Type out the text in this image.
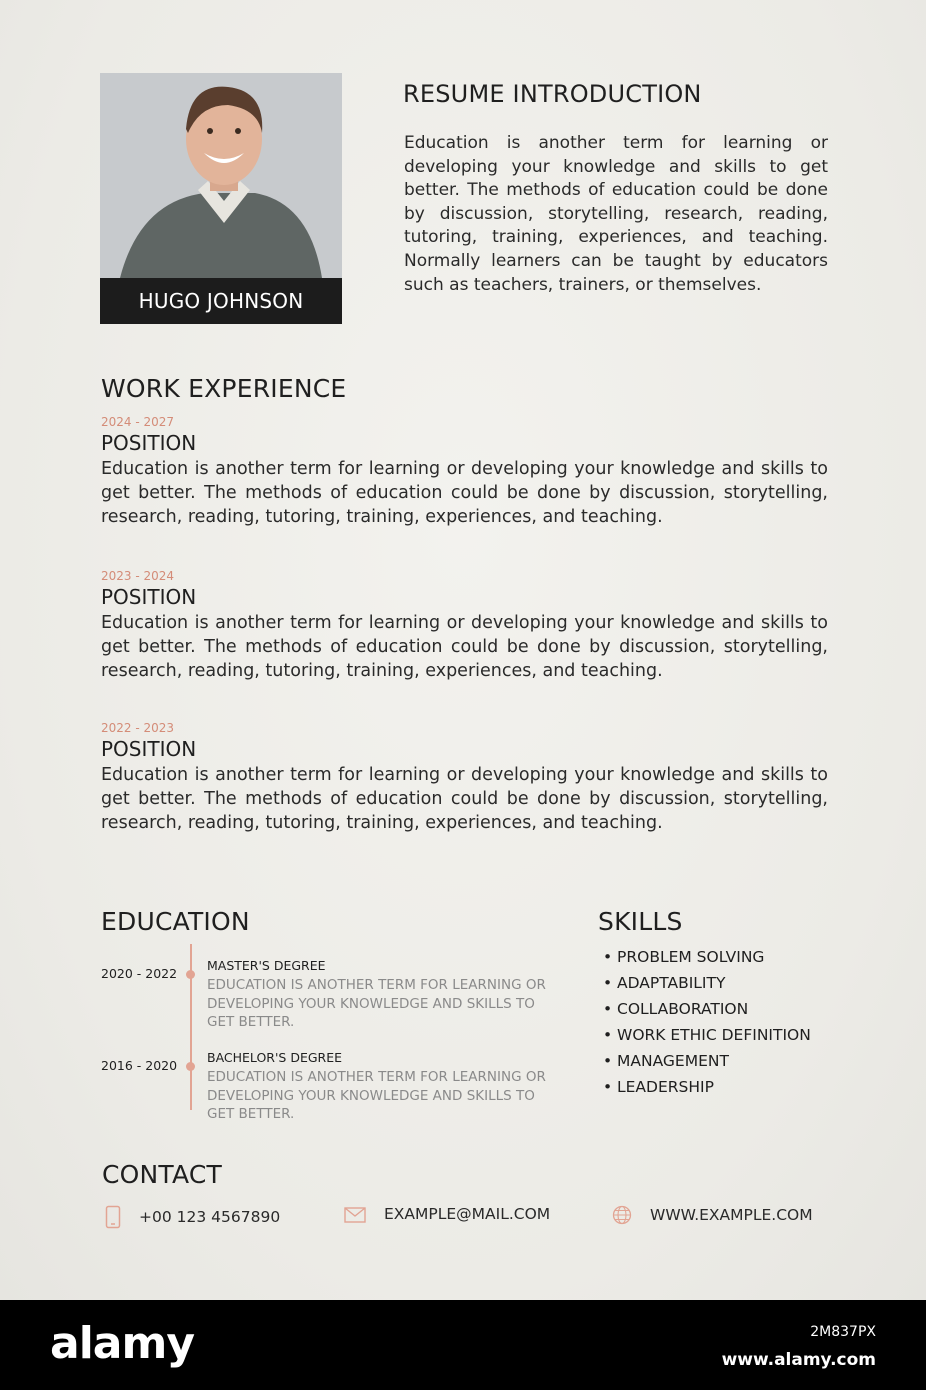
HUGO JOHNSON
RESUME INTRODUCTION

Education is another term for learning or developing your knowledge and skills to get better. The methods of education could be done by discussion, storytelling, research, reading, tutoring, training, experiences, and teaching. Normally learners can be taught by educators such as teachers, trainers, or themselves.

WORK EXPERIENCE

2024 - 2027

POSITION

Education is another term for learning or developing your knowledge and skills to get better. The methods of education could be done by discussion, storytelling, research, reading, tutoring, training, experiences, and teaching.

2023 - 2024

POSITION

Education is another term for learning or developing your knowledge and skills to get better. The methods of education could be done by discussion, storytelling, research, reading, tutoring, training, experiences, and teaching.

2022 - 2023

POSITION

Education is another term for learning or developing your knowledge and skills to get better. The methods of education could be done by discussion, storytelling, research, reading, tutoring, training, experiences, and teaching.

EDUCATION
2020 - 2022
MASTER'S DEGREE

EDUCATION IS ANOTHER TERM FOR LEARNING OR DEVELOPING YOUR KNOWLEDGE AND SKILLS TO GET BETTER.

2016 - 2020
BACHELOR'S DEGREE

EDUCATION IS ANOTHER TERM FOR LEARNING OR DEVELOPING YOUR KNOWLEDGE AND SKILLS TO GET BETTER.

SKILLS
• PROBLEM SOLVING
• ADAPTABILITY
• COLLABORATION
• WORK ETHIC DEFINITION
• MANAGEMENT
• LEADERSHIP
CONTACT
+00 123 4567890	EXAMPLE@MAIL.COM	WWW.EXAMPLE.COM
alamy	2M837PX
www.alamy.com
